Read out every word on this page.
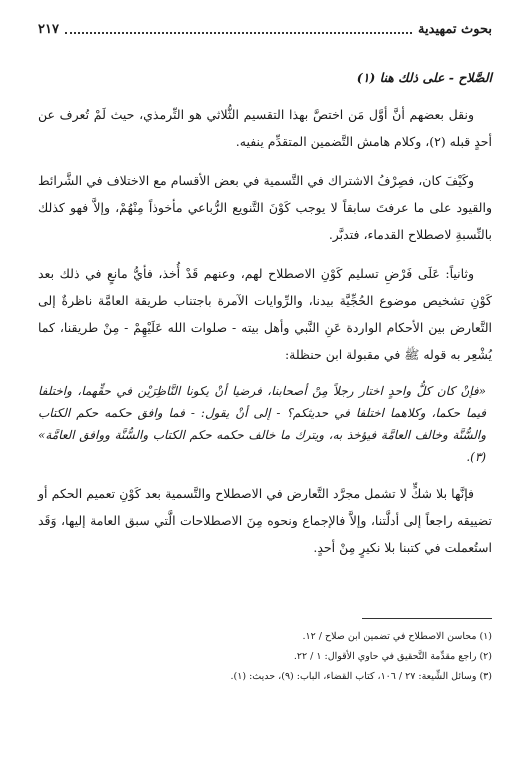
بحوث تمهيدية
٢١٧

الصَّلاح - على ذلك هنا (١)

ونقل بعضهم أنَّ أوَّل مَن اختصَّ بهذا التقسيم الثُّلاثي هو التِّرمذي، حيث لَمْ تُعرف عن أحدٍ قبله (٢)، وكلام هامش التَّضمين المتقدِّم ينفيه.

وكَيْفَ كان، فصِرْفُ الاشتراك في التَّسمية في بعض الأقسام مع الاختلاف في الشَّرائط والقيود على ما عرفتَ سابقاً لا يوجب كَوْنَ التَّنويع الرُّباعي مأخوذاً مِنْهُمْ، وإلاَّ فهو كذلك بالنِّسبةِ لاصطلاح القدماء، فتدبَّر.

وثانياً: عَلَى فَرْضِ تسليم كَوْنِ الاصطلاح لهم، وعنهم قَدْ أُخذ، فأيُّ مانعٍ في ذلك بعد كَوْنِ تشخيص موضوع الحُجِّيَّة بيدنا، والرِّوايات الآمرة باجتناب طريقة العامَّة ناظرةٌ إلى التَّعارض بين الأحكام الواردة عَنِ النَّبي وأهل بيته - صلوات الله عَلَيْهِمْ - مِنْ طريقنا، كما يُشْعِر به قوله ﷺ في مقبولة ابن حنظلة:

«فإنْ كان كلُّ واحدٍ اختار رجلاً مِنْ أصحابنا، فرضيا أنْ يكونا النَّاظِرَيْن في حقِّهما، واختلفا فيما حكما، وكلاهما اختلفا في حديثكم؟ - إلى أنْ يقول: - فما وافق حكمه حكم الكتاب والسُّنَّة وخالف العامَّة فيؤخذ به، ويترك ما خالف حكمه حكم الكتاب والسُّنَّة ووافق العامَّة» (٣).

فإنَّها بلا شكٍّ لا تشمل مجرَّد التَّعارض في الاصطلاح والتَّسمية بعد كَوْنِ تعميم الحكم أو تضييقه راجعاً إلى أدلَّتنا، وإلاَّ فالإجماع ونحوه مِنَ الاصطلاحات الَّتي سبق العامة إليها، وَقَد استُعملت في كتبنا بلا نكيرٍ مِنْ أحدٍ.

(١) محاسن الاصطلاح في تضمين ابن صلاح / ١٢.

(٢) راجع مقدِّمة التَّحقيق في حاوي الأقوال: ١ / ٢٢.

(٣) وسائل الشِّيعة: ٢٧ / ١٠٦، كتاب القضاء، الباب: (٩)، حديث: (١).
